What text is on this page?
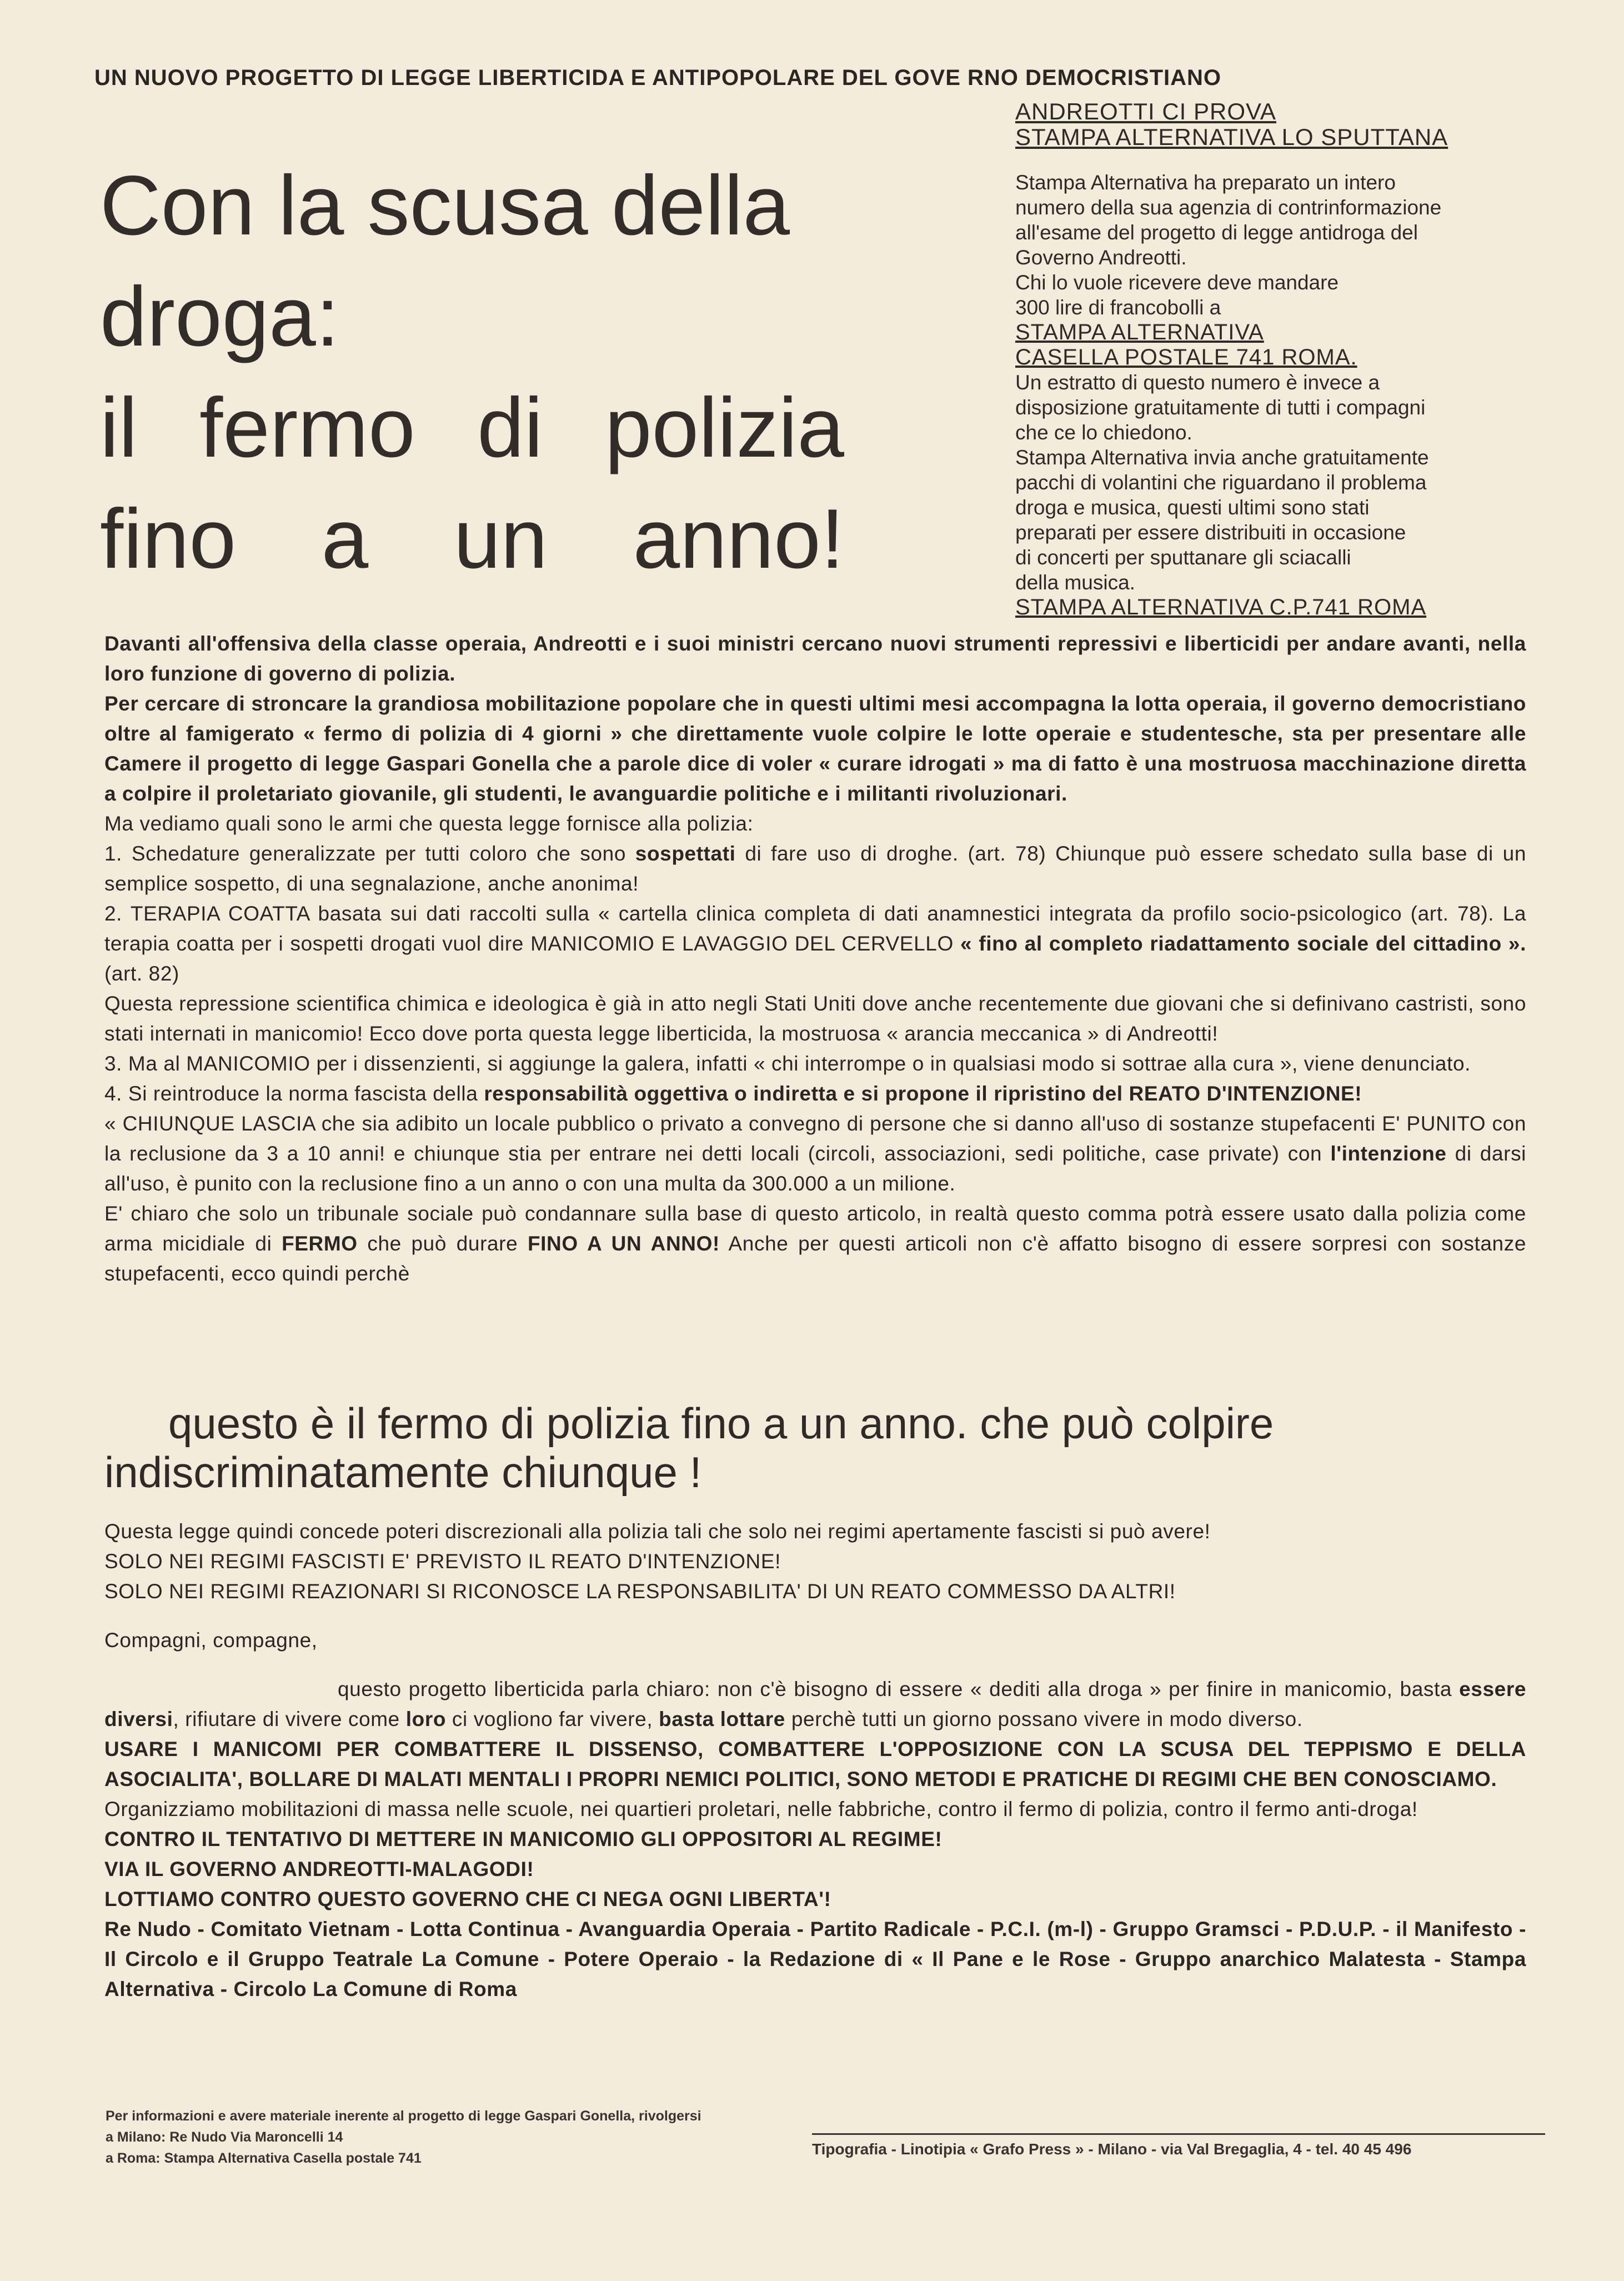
UN NUOVO PROGETTO DI LEGGE LIBERTICIDA E ANTIPOPOLARE DEL GOVE RNO DEMOCRISTIANO
Con la scusa della
droga:
il fermo di polizia
fino a un anno!
ANDREOTTI CI PROVA
STAMPA ALTERNATIVA LO SPUTTANA
Stampa Alternativa ha preparato un intero
numero della sua agenzia di contrinformazione
all'esame del progetto di legge antidroga del
Governo Andreotti.
Chi lo vuole ricevere deve mandare
300 lire di francobolli a
STAMPA ALTERNATIVA
CASELLA POSTALE 741 ROMA.
Un estratto di questo numero è invece a
disposizione gratuitamente di tutti i compagni
che ce lo chiedono.
Stampa Alternativa invia anche gratuitamente
pacchi di volantini che riguardano il problema
droga e musica, questi ultimi sono stati
preparati per essere distribuiti in occasione
di concerti per sputtanare gli sciacalli
della musica.
STAMPA ALTERNATIVA C.P.741 ROMA

Davanti all'offensiva della classe operaia, Andreotti e i suoi ministri cercano nuovi strumenti repressivi e liberticidi per andare avanti, nella loro funzione di governo di polizia.

Per cercare di stroncare la grandiosa mobilitazione popolare che in questi ultimi mesi accompagna la lotta operaia, il governo democristiano oltre al famigerato « fermo di polizia di 4 giorni » che direttamente vuole colpire le lotte operaie e studentesche, sta per presentare alle Camere il progetto di legge Gaspari Gonella che a parole dice di voler « curare idrogati » ma di fatto è una mostruosa macchinazione diretta a colpire il proletariato giovanile, gli studenti, le avanguardie politiche e i militanti rivoluzionari.

Ma vediamo quali sono le armi che questa legge fornisce alla polizia:

1. Schedature generalizzate per tutti coloro che sono sospettati di fare uso di droghe. (art. 78) Chiunque può essere schedato sulla base di un semplice sospetto, di una segnalazione, anche anonima!

2. TERAPIA COATTA basata sui dati raccolti sulla « cartella clinica completa di dati anamnestici integrata da profilo socio-psicologico (art. 78). La terapia coatta per i sospetti drogati vuol dire MANICOMIO E LAVAGGIO DEL CERVELLO « fino al completo riadattamento sociale del cittadino ». (art. 82)

Questa repressione scientifica chimica e ideologica è già in atto negli Stati Uniti dove anche recentemente due giovani che si definivano castristi, sono stati internati in manicomio! Ecco dove porta questa legge liberticida, la mostruosa « arancia meccanica » di Andreotti!

3. Ma al MANICOMIO per i dissenzienti, si aggiunge la galera, infatti « chi interrompe o in qualsiasi modo si sottrae alla cura », viene denunciato.

4. Si reintroduce la norma fascista della responsabilità oggettiva o indiretta e si propone il ripristino del REATO D'INTENZIONE!

« CHIUNQUE LASCIA che sia adibito un locale pubblico o privato a convegno di persone che si danno all'uso di sostanze stupefacenti E' PUNITO con la reclusione da 3 a 10 anni! e chiunque stia per entrare nei detti locali (circoli, associazioni, sedi politiche, case private) con l'intenzione di darsi all'uso, è punito con la reclusione fino a un anno o con una multa da 300.000 a un milione.

E' chiaro che solo un tribunale sociale può condannare sulla base di questo articolo, in realtà questo comma potrà essere usato dalla polizia come arma micidiale di FERMO che può durare FINO A UN ANNO! Anche per questi articoli non c'è affatto bisogno di essere sorpresi con sostanze stupefacenti, ecco quindi perchè

questo è il fermo di polizia fino a un anno. che può colpire
indiscriminatamente chiunque !

Questa legge quindi concede poteri discrezionali alla polizia tali che solo nei regimi apertamente fascisti si può avere!

SOLO NEI REGIMI FASCISTI E' PREVISTO IL REATO D'INTENZIONE!

SOLO NEI REGIMI REAZIONARI SI RICONOSCE LA RESPONSABILITA' DI UN REATO COMMESSO DA ALTRI!

Compagni, compagne,

questo progetto liberticida parla chiaro: non c'è bisogno di essere « dediti alla droga » per finire in manicomio, basta essere diversi, rifiutare di vivere come loro ci vogliono far vivere, basta lottare perchè tutti un giorno possano vivere in modo diverso.

USARE I MANICOMI PER COMBATTERE IL DISSENSO, COMBATTERE L'OPPOSIZIONE CON LA SCUSA DEL TEPPISMO E DELLA ASOCIALITA', BOLLARE DI MALATI MENTALI I PROPRI NEMICI POLITICI, SONO METODI E PRATICHE DI REGIMI CHE BEN CONOSCIAMO.

Organizziamo mobilitazioni di massa nelle scuole, nei quartieri proletari, nelle fabbriche, contro il fermo di polizia, contro il fermo anti-droga!

CONTRO IL TENTATIVO DI METTERE IN MANICOMIO GLI OPPOSITORI AL REGIME!

VIA IL GOVERNO ANDREOTTI-MALAGODI!

LOTTIAMO CONTRO QUESTO GOVERNO CHE CI NEGA OGNI LIBERTA'!

Re Nudo - Comitato Vietnam - Lotta Continua - Avanguardia Operaia - Partito Radicale - P.C.I. (m-l) - Gruppo Gramsci - P.D.U.P. - il Manifesto - Il Circolo e il Gruppo Teatrale La Comune - Potere Operaio - la Redazione di « Il Pane e le Rose - Gruppo anarchico Malatesta - Stampa Alternativa - Circolo La Comune di Roma

Per informazioni e avere materiale inerente al progetto di legge Gaspari Gonella, rivolgersi
a Milano: Re Nudo Via Maroncelli 14
a Roma: Stampa Alternativa Casella postale 741
Tipografia - Linotipia « Grafo Press » - Milano - via Val Bregaglia, 4 - tel. 40 45 496
